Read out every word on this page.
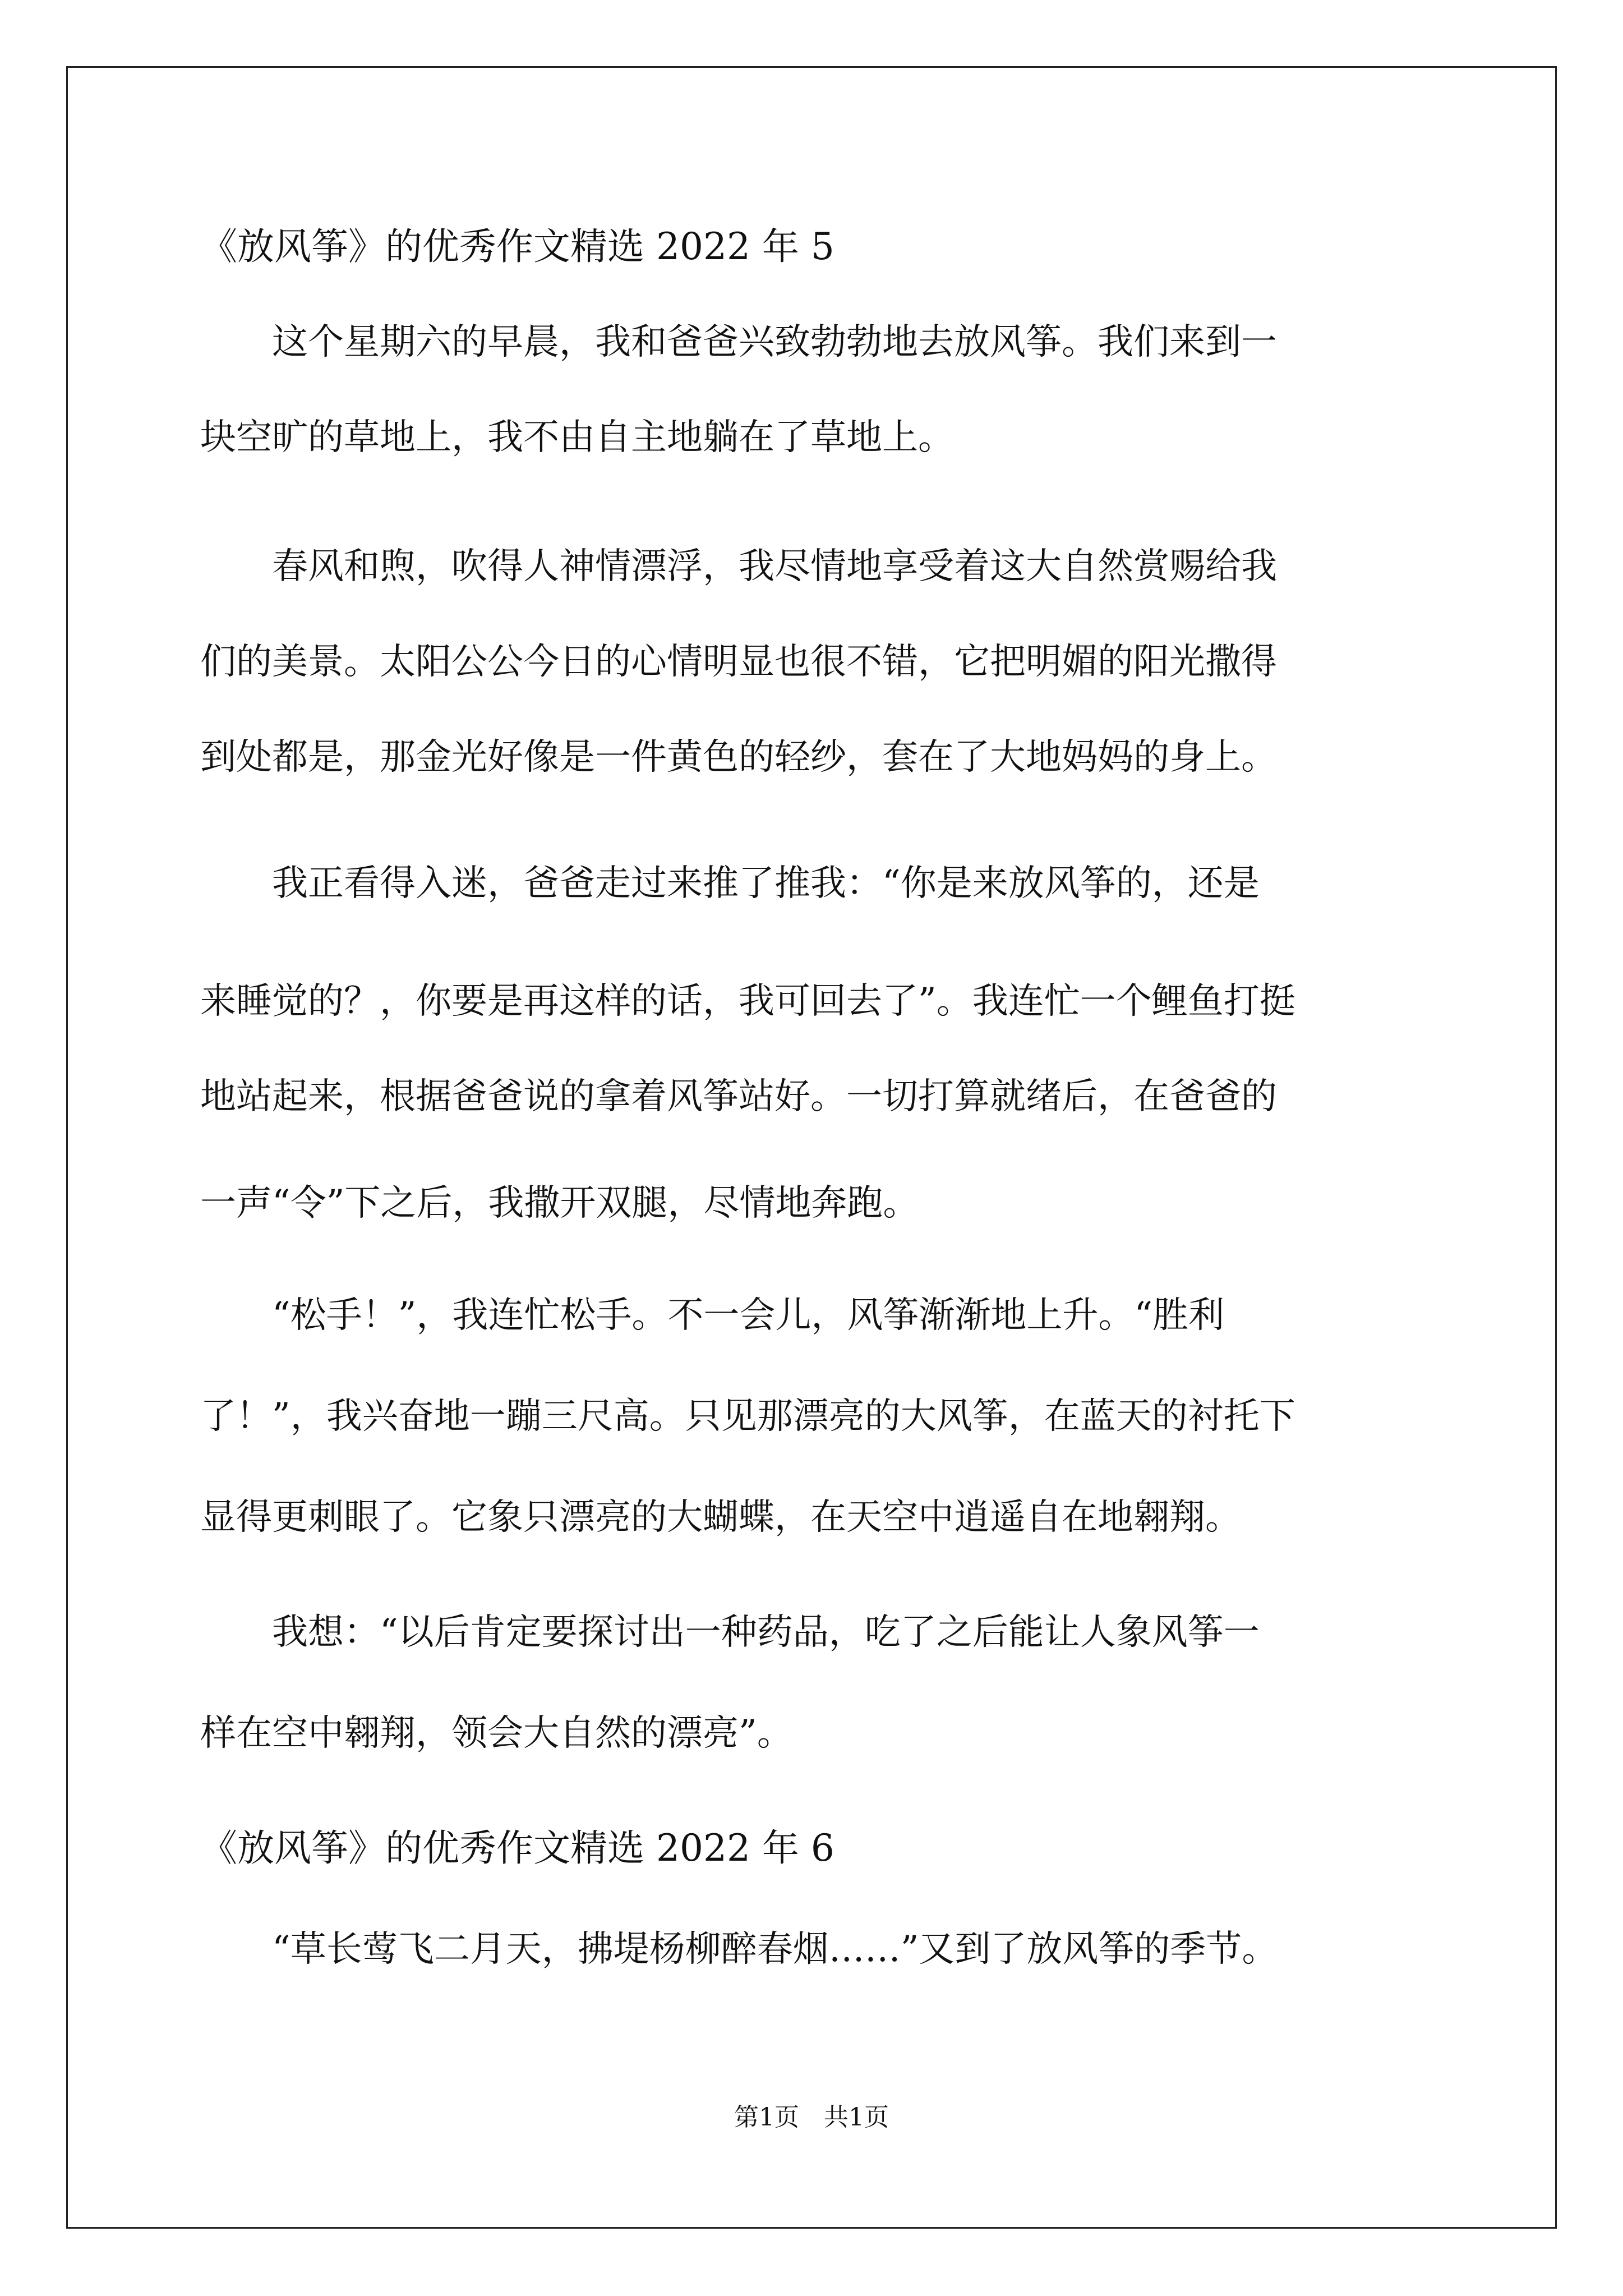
《放风筝》的优秀作文精选 2022 年 5
　　这个星期六的早晨，我和爸爸兴致勃勃地去放风筝。我们来到一
块空旷的草地上，我不由自主地躺在了草地上。
　　春风和煦，吹得人神情漂浮，我尽情地享受着这大自然赏赐给我
们的美景。太阳公公今日的心情明显也很不错，它把明媚的阳光撒得
到处都是，那金光好像是一件黄色的轻纱，套在了大地妈妈的身上。
　　我正看得入迷，爸爸走过来推了推我：“你是来放风筝的，还是
来睡觉的？，你要是再这样的话，我可回去了”。我连忙一个鲤鱼打挺
地站起来，根据爸爸说的拿着风筝站好。一切打算就绪后，在爸爸的
一声“令”下之后，我撒开双腿，尽情地奔跑。
　　“松手！”，我连忙松手。不一会儿，风筝渐渐地上升。“胜利
了！”，我兴奋地一蹦三尺高。只见那漂亮的大风筝，在蓝天的衬托下
显得更刺眼了。它象只漂亮的大蝴蝶，在天空中逍遥自在地翱翔。
　　我想：“以后肯定要探讨出一种药品，吃了之后能让人象风筝一
样在空中翱翔，领会大自然的漂亮”。
《放风筝》的优秀作文精选 2022 年 6
　　“草长莺飞二月天，拂堤杨柳醉春烟……”又到了放风筝的季节。
第1页　共1页
